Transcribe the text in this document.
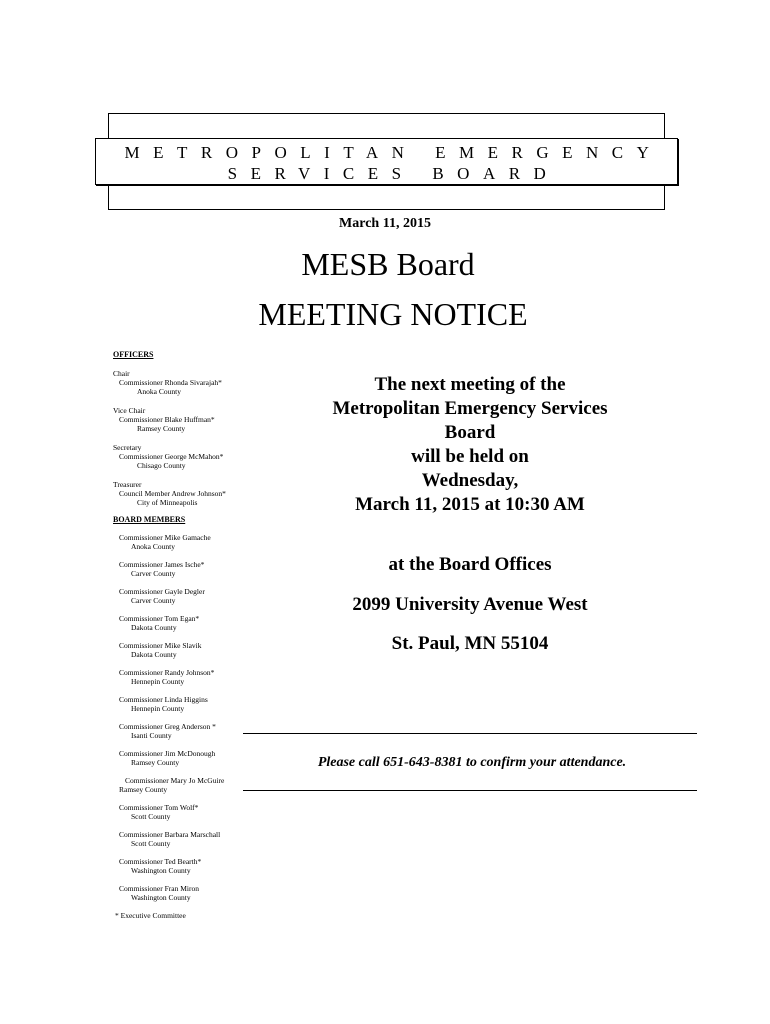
METROPOLITAN EMERGENCY
SERVICES BOARD
March 11, 2015
MESB Board
MEETING NOTICE
OFFICERS
Chair
Commissioner Rhonda Sivarajah*
Anoka County
Vice Chair
Commissioner Blake Huffman*
Ramsey County
Secretary
Commissioner George McMahon*
Chisago County
Treasurer
Council Member Andrew Johnson*
City of Minneapolis
BOARD MEMBERS
Commissioner Mike Gamache
Anoka County
Commissioner James Ische*
Carver County
Commissioner Gayle Degler
Carver County
Commissioner Tom Egan*
Dakota County
Commissioner Mike Slavik
Dakota County
Commissioner Randy Johnson*
Hennepin County
Commissioner Linda Higgins
Hennepin County
Commissioner Greg Anderson *
Isanti County
Commissioner Jim McDonough
Ramsey County
Commissioner Mary Jo McGuire
Ramsey County
Commissioner Tom Wolf*
Scott County
Commissioner Barbara Marschall
Scott County
Commissioner Ted Bearth*
Washington County
Commissioner Fran Miron
Washington County
* Executive Committee
The next meeting of the
Metropolitan Emergency Services
Board
will be held on
Wednesday,
March 11, 2015 at 10:30 AM
at the Board Offices
2099 University Avenue West
St. Paul, MN 55104
Please call 651-643-8381 to confirm your attendance.
